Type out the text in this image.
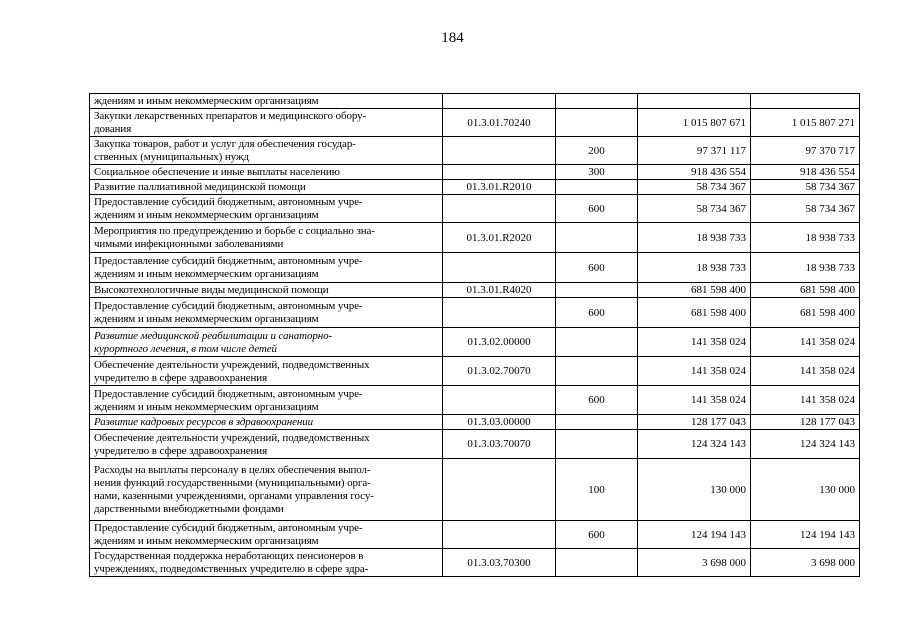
184
ждениям и иным некоммерческим организациям				

Закупки лекарственных препаратов и медицинского обору-
дования	01.3.01.70240		1 015 807 671	1 015 807 271

Закупка товаров, работ и услуг для обеспечения государ-
ственных (муниципальных) нужд		200	97 371 117	97 370 717

Социальное обеспечение и иные выплаты населению		300	918 436 554	918 436 554

Развитие паллиативной медицинской помощи	01.3.01.R2010		58 734 367	58 734 367

Предоставление субсидий бюджетным, автономным учре-
ждениям и иным некоммерческим организациям		600	58 734 367	58 734 367

Мероприятия по предупреждению и борьбе с социально зна-
чимыми инфекционными заболеваниями	01.3.01.R2020		18 938 733	18 938 733

Предоставление субсидий бюджетным, автономным учре-
ждениям и иным некоммерческим организациям		600	18 938 733	18 938 733

Высокотехнологичные виды медицинской помощи	01.3.01.R4020		681 598 400	681 598 400

Предоставление субсидий бюджетным, автономным учре-
ждениям и иным некоммерческим организациям		600	681 598 400	681 598 400

Развитие медицинской реабилитации и санаторно-
курортного лечения, в том числе детей	01.3.02.00000		141 358 024	141 358 024

Обеспечение деятельности учреждений, подведомственных
учредителю в сфере здравоохранения	01.3.02.70070		141 358 024	141 358 024

Предоставление субсидий бюджетным, автономным учре-
ждениям и иным некоммерческим организациям		600	141 358 024	141 358 024

Развитие кадровых ресурсов в здравоохранении	01.3.03.00000		128 177 043	128 177 043

Обеспечение деятельности учреждений, подведомственных
учредителю в сфере здравоохранения	01.3.03.70070		124 324 143	124 324 143

Расходы на выплаты персоналу в целях обеспечения выпол-
нения функций государственными (муниципальными) орга-
нами, казенными учреждениями, органами управления госу-
дарственными внебюджетными фондами		100	130 000	130 000

Предоставление субсидий бюджетным, автономным учре-
ждениям и иным некоммерческим организациям		600	124 194 143	124 194 143

Государственная поддержка неработающих пенсионеров в
учреждениях, подведомственных учредителю в сфере здра-	01.3.03.70300		3 698 000	3 698 000
